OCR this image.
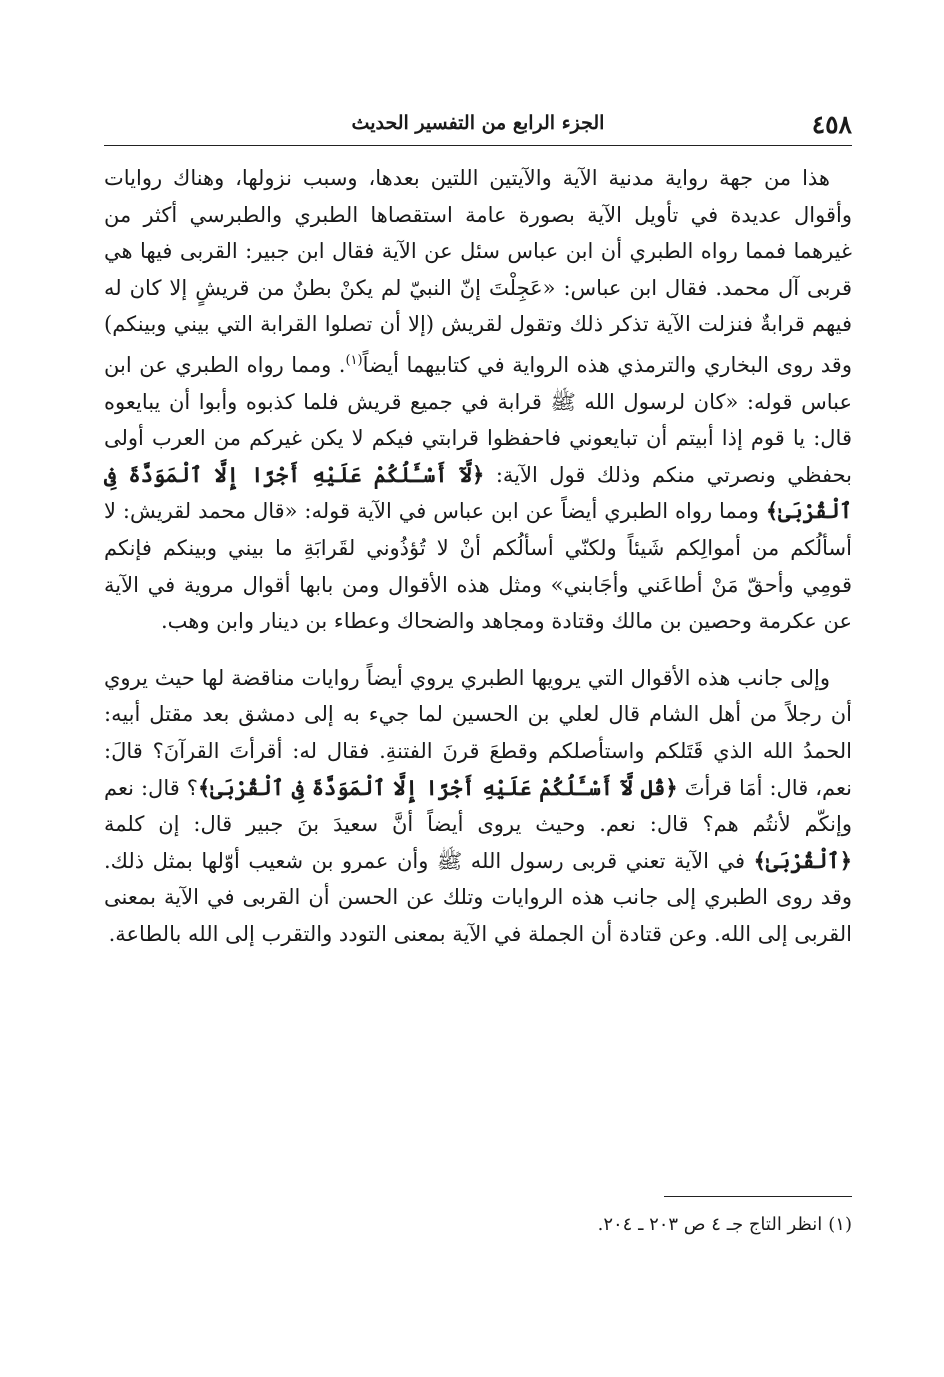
٤٥٨
الجزء الرابع من التفسير الحديث

هذا من جهة رواية مدنية الآية والآيتين اللتين بعدها، وسبب نزولها، وهناك روايات وأقوال عديدة في تأويل الآية بصورة عامة استقصاها الطبري والطبرسي أكثر من غيرهما فمما رواه الطبري أن ابن عباس سئل عن الآية فقال ابن جبير: القربى فيها هي قربى آل محمد. فقال ابن عباس: «عَجِلْتَ إنّ النبيّ لم يكنْ بطنٌ من قريشٍ إلا كان له فيهم قرابةٌ فنزلت الآية تذكر ذلك وتقول لقريش (إلا أن تصلوا القرابة التي بيني وبينكم) وقد روى البخاري والترمذي هذه الرواية في كتابيهما أيضاً$^{(١)}$. ومما رواه الطبري عن ابن عباس قوله: «كان لرسول الله ﷺ قرابة في جميع قريش فلما كذبوه وأبوا أن يبايعوه قال: يا قوم إذا أبيتم أن تبايعوني فاحفظوا قرابتي فيكم لا يكن غيركم من العرب أولى بحفظي ونصرتي منكم وذلك قول الآية: ﴿لَّآ أَسْـَٔلُكُمْ عَلَيْهِ أَجْرًا إِلَّا ٱلْمَوَدَّةَ فِى ٱلْقُرْبَىٰ﴾ ومما رواه الطبري أيضاً عن ابن عباس في الآية قوله: «قال محمد لقريش: لا أسألُكم من أموالِكم شَيئاً ولكنّي أسألُكم أنْ لا تُؤذُوني لقَرابَةِ ما بيني وبينكم فإنكم قومِي وأحقّ مَنْ أطاعَني وأجَابني» ومثل هذه الأقوال ومن بابها أقوال مروية في الآية عن عكرمة وحصين بن مالك وقتادة ومجاهد والضحاك وعطاء بن دينار وابن وهب.

وإلى جانب هذه الأقوال التي يرويها الطبري يروي أيضاً روايات مناقضة لها حيث يروي أن رجلاً من أهل الشام قال لعلي بن الحسين لما جيء به إلى دمشق بعد مقتل أبيه: الحمدُ الله الذي قَتَلكم واستأصلكم وقطعَ قرنَ الفتنةِ. فقال له: أقرأتَ القرآنَ؟ قالَ: نعم، قال: أمَا قرأتَ ﴿قُل لَّآ أَسْـَٔلُكُمْ عَلَيْهِ أَجْرًا إِلَّا ٱلْمَوَدَّةَ فِى ٱلْقُرْبَىٰ﴾؟ قال: نعم وإنكّم لأنتُم هم؟ قال: نعم. وحيث يروى أيضاً أنَّ سعيدَ بنَ جبير قال: إن كلمة ﴿ٱلْقُرْبَىٰ﴾ في الآية تعني قربى رسول الله ﷺ وأن عمرو بن شعيب أوّلها بمثل ذلك. وقد روى الطبري إلى جانب هذه الروايات وتلك عن الحسن أن القربى في الآية بمعنى القربى إلى الله. وعن قتادة أن الجملة في الآية بمعنى التودد والتقرب إلى الله بالطاعة.

(١)انظر التاج جـ ٤ ص ٢٠٣ ـ ٢٠٤.
